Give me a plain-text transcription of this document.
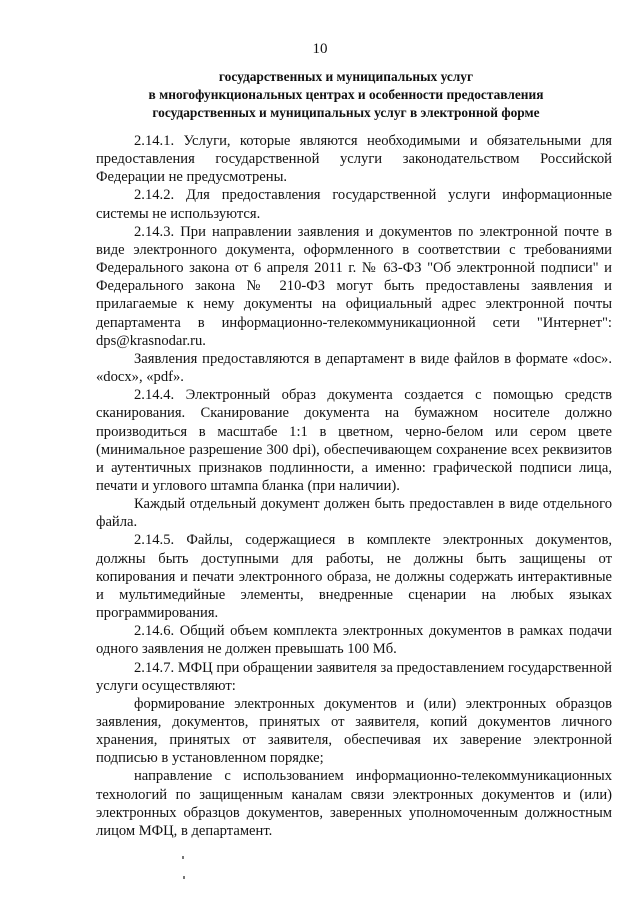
10
государственных и муниципальных услуг
в многофункциональных центрах и особенности предоставления
государственных и муниципальных услуг в электронной форме

2.14.1. Услуги, которые являются необходимыми и обязательными для предоставления государственной услуги законодательством Российской Федерации не предусмотрены.

2.14.2. Для предоставления государственной услуги информационные системы не используются.

2.14.3. При направлении заявления и документов по электронной почте в виде электронного документа, оформленного в соответствии с требованиями Федерального закона от 6 апреля 2011 г. № 63-ФЗ "Об электронной подписи" и Федерального закона № 210-ФЗ могут быть предоставлены заявления и прилагаемые к нему документы на официальный адрес электронной почты департамента в информационно-телекоммуникационной сети "Интернет": dps@krasnodar.ru.

Заявления предоставляются в департамент в виде файлов в формате «doc». «docx», «pdf».

2.14.4. Электронный образ документа создается с помощью средств сканирования. Сканирование документа на бумажном носителе должно производиться в масштабе 1:1 в цветном, черно-белом или сером цвете (минимальное разрешение 300 dpi), обеспечивающем сохранение всех реквизитов и аутентичных признаков подлинности, а именно: графической подписи лица, печати и углового штампа бланка (при наличии).

Каждый отдельный документ должен быть предоставлен в виде отдельного файла.

2.14.5. Файлы, содержащиеся в комплекте электронных документов, должны быть доступными для работы, не должны быть защищены от копирования и печати электронного образа, не должны содержать интерактивные и мультимедийные элементы, внедренные сценарии на любых языках программирования.

2.14.6. Общий объем комплекта электронных документов в рамках подачи одного заявления не должен превышать 100 Мб.

2.14.7. МФЦ при обращении заявителя за предоставлением государственной услуги осуществляют:

формирование электронных документов и (или) электронных образцов заявления, документов, принятых от заявителя, копий документов личного хранения, принятых от заявителя, обеспечивая их заверение электронной подписью в установленном порядке;

направление с использованием информационно-телекоммуникационных технологий по защищенным каналам связи электронных документов и (или) электронных образцов документов, заверенных уполномоченным должностным лицом МФЦ, в департамент.
